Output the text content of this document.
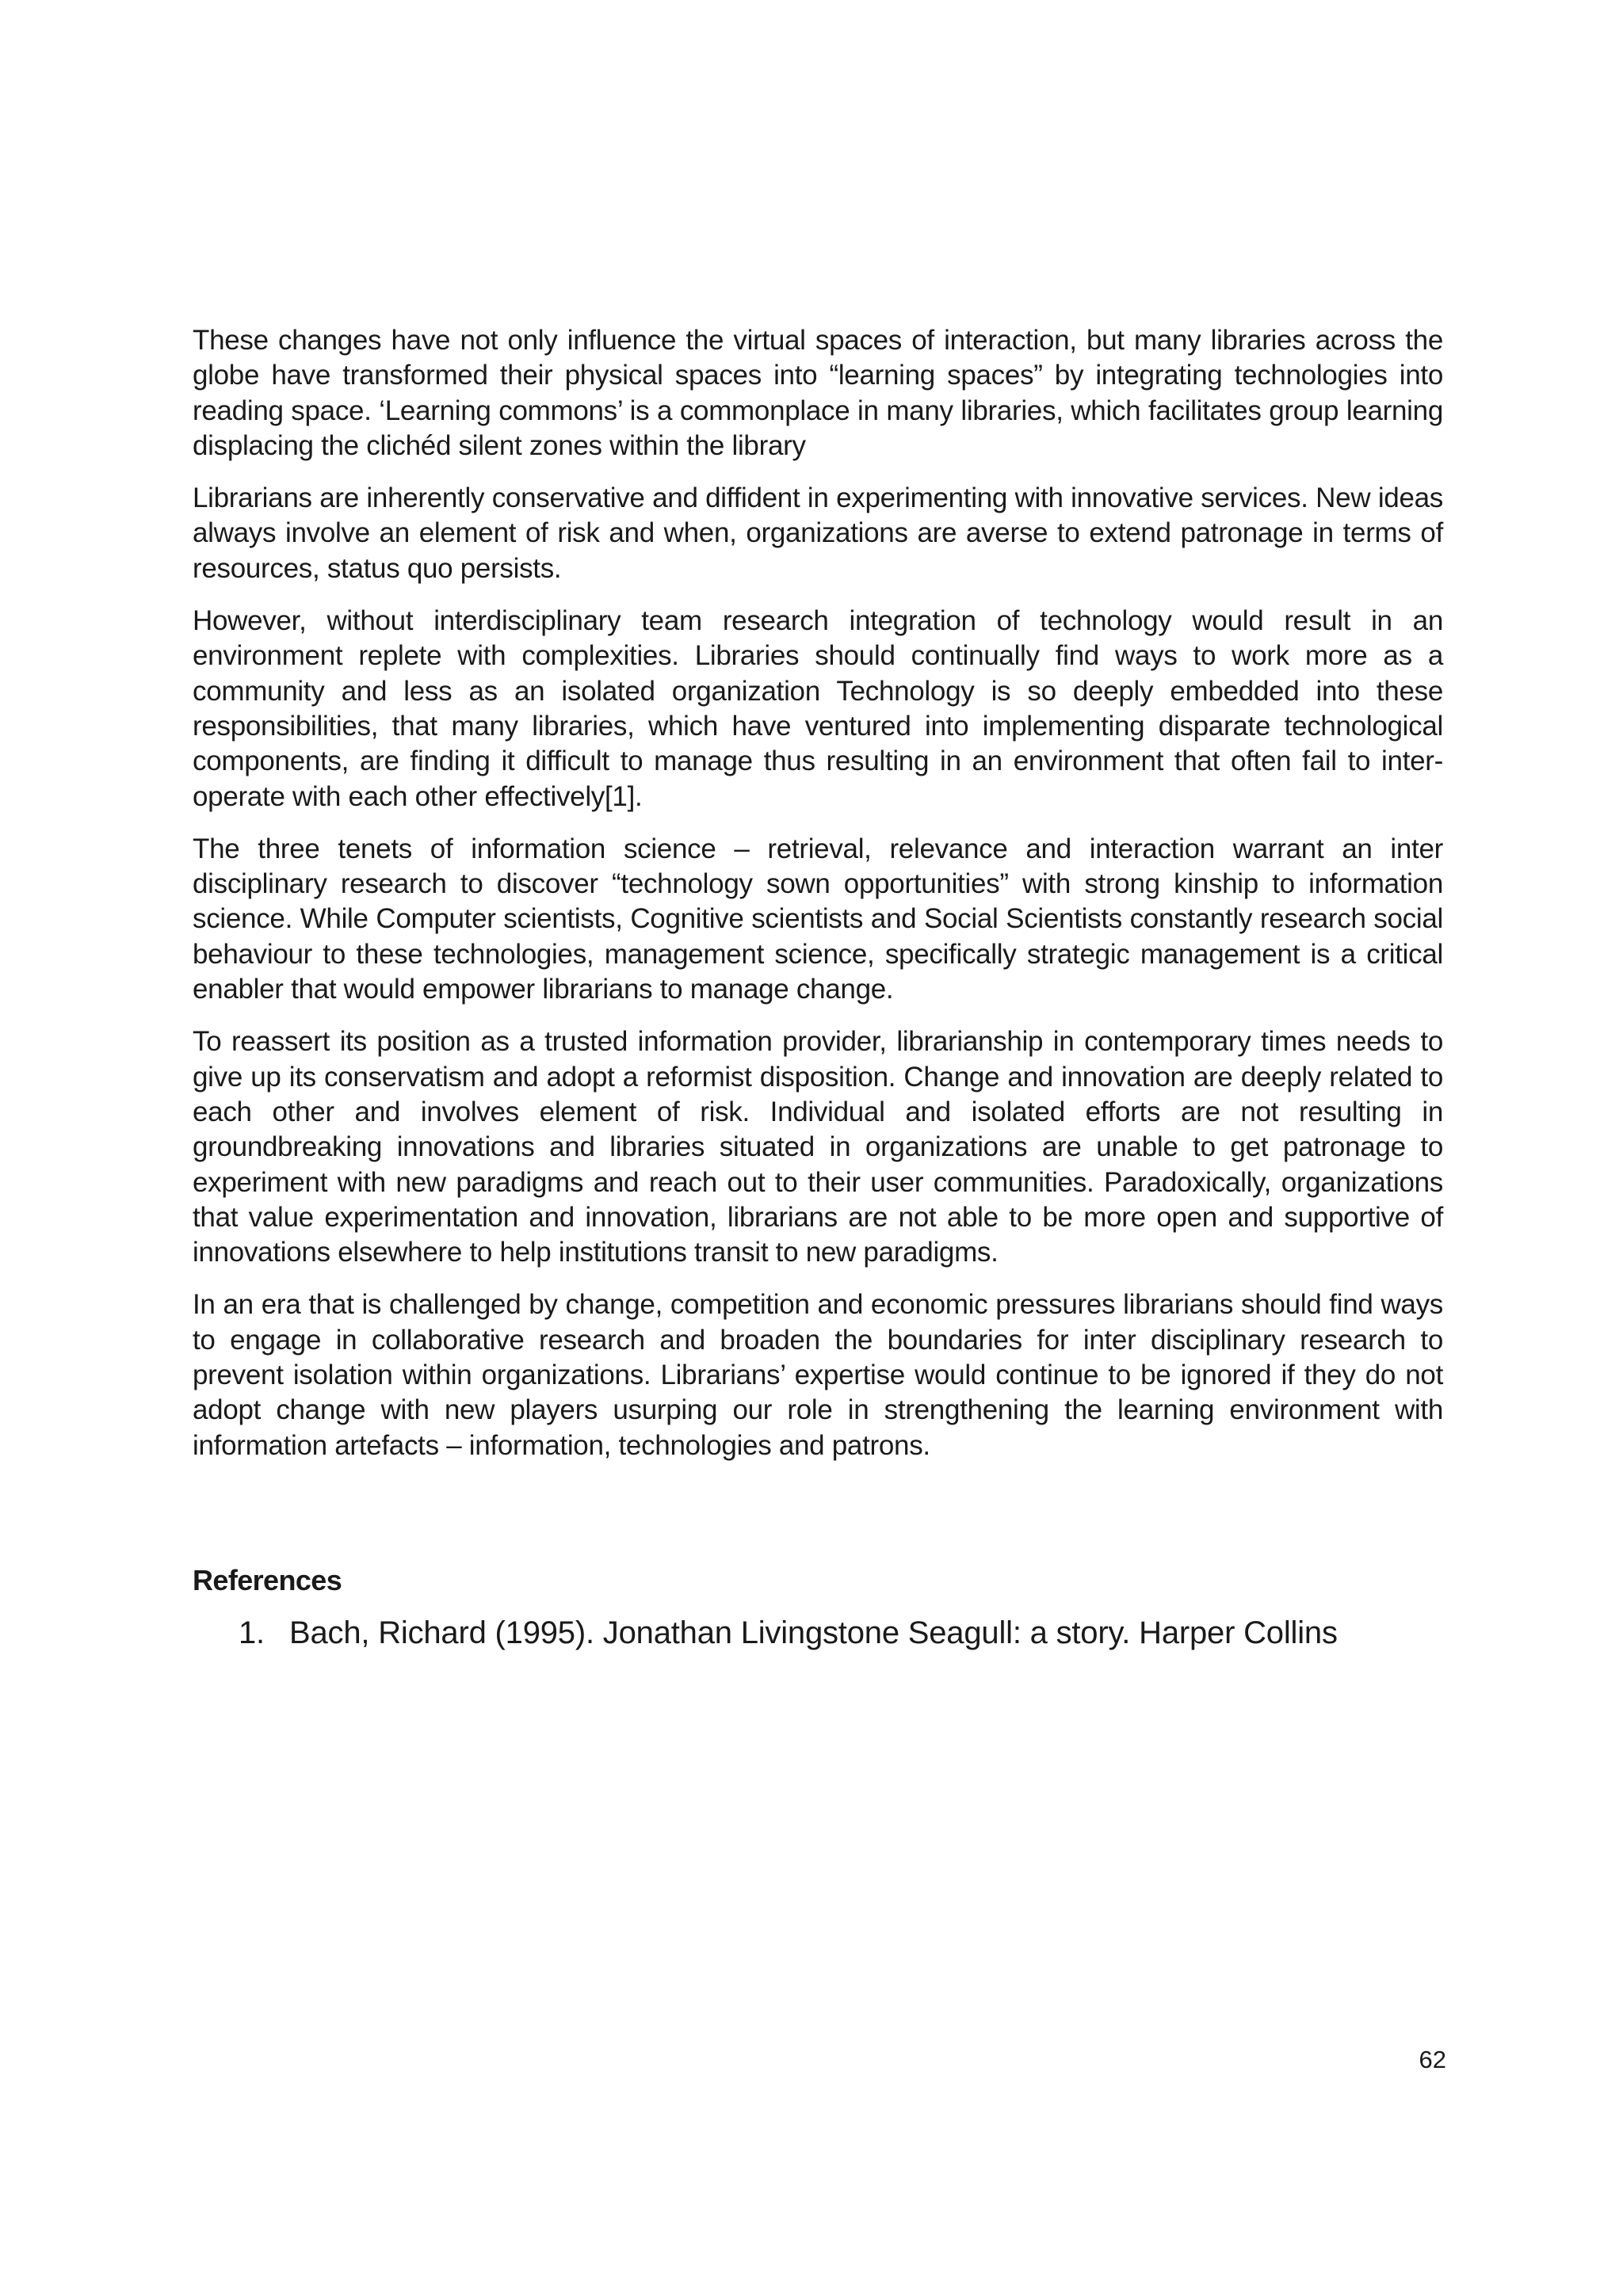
These changes have not only influence the virtual spaces of interaction, but many libraries across the globe have transformed their physical spaces into “learning spaces” by integrating technologies into reading space. ‘Learning commons’ is a commonplace in many libraries, which facilitates group learning displacing the clichéd silent zones within the library

Librarians are inherently conservative and diffident in experimenting with innovative services. New ideas always involve an element of risk and when, organizations are averse to extend patronage in terms of resources, status quo persists.

However, without interdisciplinary team research integration of technology would result in an environment replete with complexities. Libraries should continually find ways to work more as a community and less as an isolated organization Technology is so deeply embedded into these responsibilities, that many libraries, which have ventured into implementing disparate technological components, are finding it difficult to manage thus resulting in an environment that often fail to inter-operate with each other effectively[1].

The three tenets of information science – retrieval, relevance and interaction warrant an inter disciplinary research to discover “technology sown opportunities” with strong kinship to information science. While Computer scientists, Cognitive scientists and Social Scientists constantly research social behaviour to these technologies, management science, specifically strategic management is a critical enabler that would empower librarians to manage change.

To reassert its position as a trusted information provider, librarianship in contemporary times needs to give up its conservatism and adopt a reformist disposition. Change and innovation are deeply related to each other and involves element of risk. Individual and isolated efforts are not resulting in groundbreaking innovations and libraries situated in organizations are unable to get patronage to experiment with new paradigms and reach out to their user communities. Paradoxically, organizations that value experimentation and innovation, librarians are not able to be more open and supportive of innovations elsewhere to help institutions transit to new paradigms.

In an era that is challenged by change, competition and economic pressures librarians should find ways to engage in collaborative research and broaden the boundaries for inter disciplinary research to prevent isolation within organizations. Librarians’ expertise would continue to be ignored if they do not adopt change with new players usurping our role in strengthening the learning environment with information artefacts – information, technologies and patrons.

References
1. Bach, Richard (1995). Jonathan Livingstone Seagull: a story. Harper Collins
62
